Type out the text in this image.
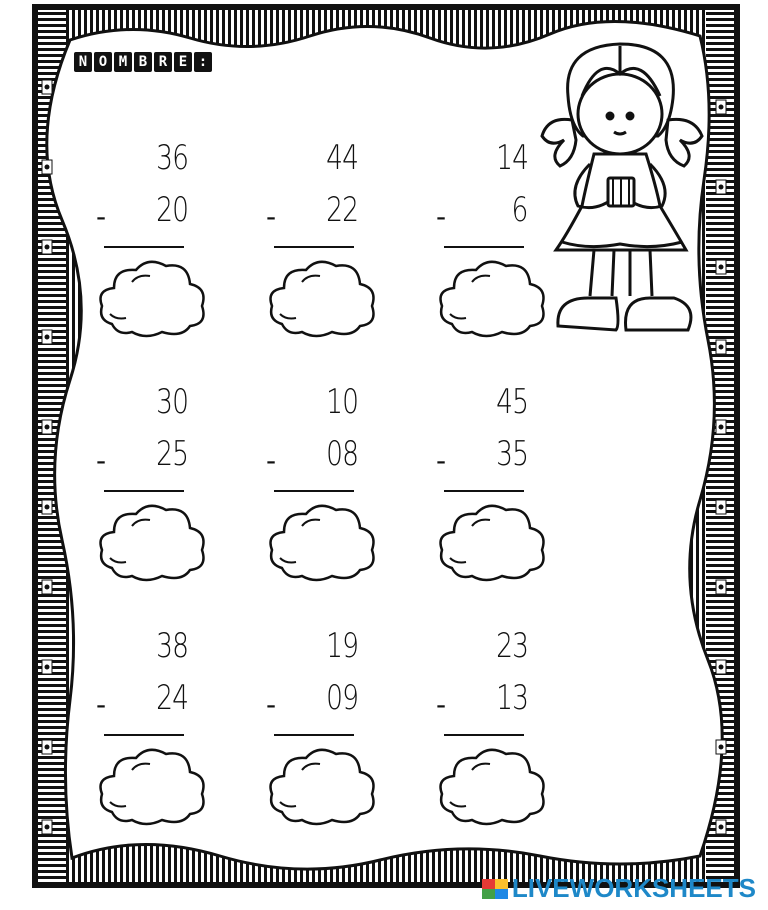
N O M B R E :
36
- 20
44
- 22
14
- 6
30
- 25
10
- 08
45
- 35
38
- 24
19
- 09
23
- 13
LIVEWORKSHEETS
